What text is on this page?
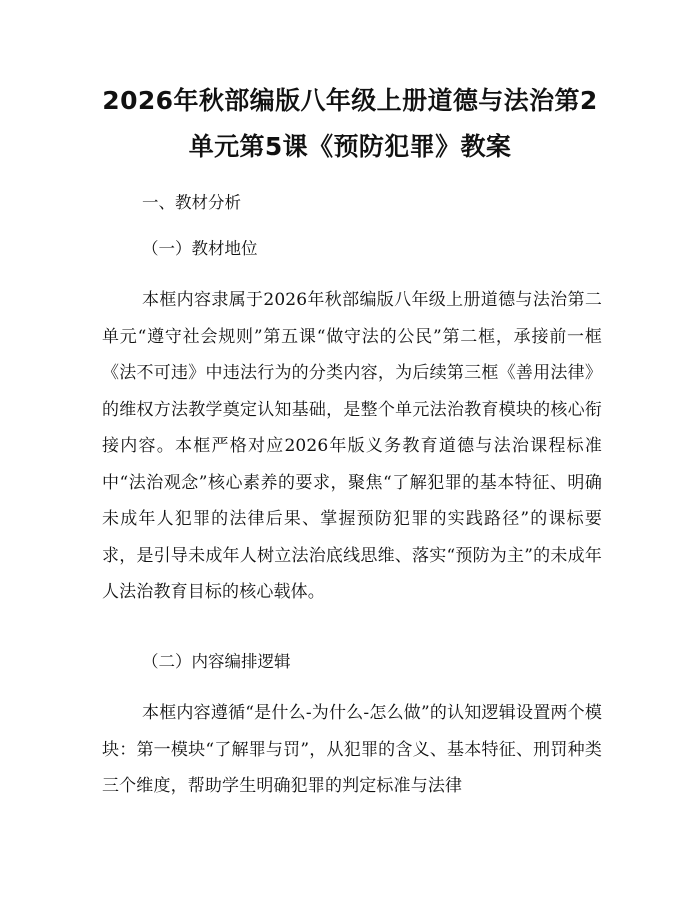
2026年秋部编版八年级上册道德与法治第2
单元第5课《预防犯罪》教案

一、教材分析

（一）教材地位

本框内容隶属于2026年秋部编版八年级上册道德与法治第二单元“遵守社会规则”第五课“做守法的公民”第二框，承接前一框《法不可违》中违法行为的分类内容，为后续第三框《善用法律》的维权方法教学奠定认知基础，是整个单元法治教育模块的核心衔接内容。本框严格对应2026年版义务教育道德与法治课程标准中“法治观念”核心素养的要求，聚焦“了解犯罪的基本特征、明确未成年人犯罪的法律后果、掌握预防犯罪的实践路径”的课标要求，是引导未成年人树立法治底线思维、落实“预防为主”的未成年人法治教育目标的核心载体。

（二）内容编排逻辑

本框内容遵循“是什么-为什么-怎么做”的认知逻辑设置两个模块：第一模块“了解罪与罚”，从犯罪的含义、基本特征、刑罚种类三个维度，帮助学生明确犯罪的判定标准与法律
